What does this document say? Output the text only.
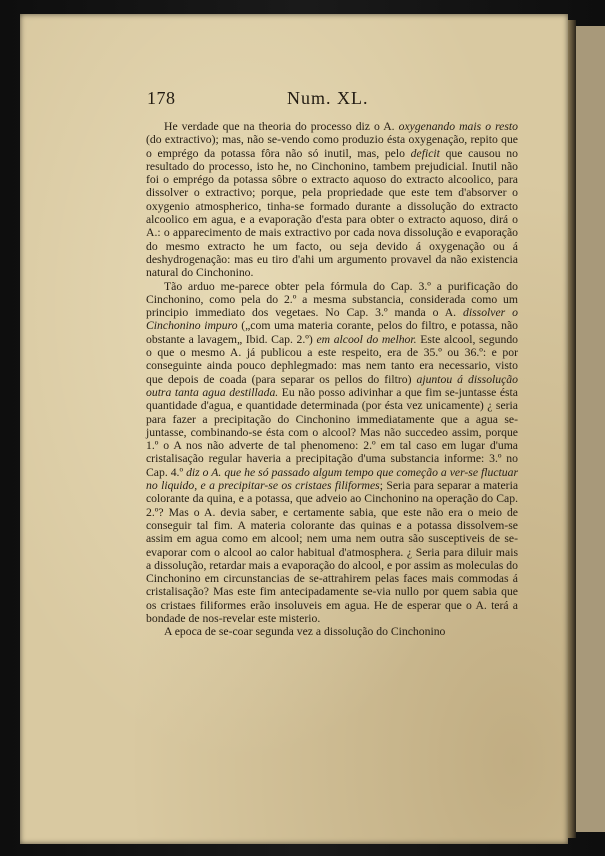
178	Num. XL.

He verdade que na theoria do processo diz o A. oxygenando mais o resto (do extractivo); mas, não se-vendo como produzio ésta oxygenação, repito que o emprégo da potassa fôra não só inutil, mas, pelo deficit que causou no resultado do processo, isto he, no Cinchonino, tambem prejudicial. Inutil não foi o emprégo da potassa sôbre o extracto aquoso do extracto alcoolico, para dissolver o extractivo; porque, pela propriedade que este tem d'absorver o oxygenio atmospherico, tinha-se formado durante a dissolução do extracto alcoolico em agua, e a evaporação d'esta para obter o extracto aquoso, dirá o A.: o apparecimento de mais extractivo por cada nova dissolução e evaporação do mesmo extracto he um facto, ou seja devido á oxygenação ou á deshydrogenação: mas eu tiro d'ahi um argumento provavel da não existencia natural do Cinchonino.

Tão arduo me-parece obter pela fórmula do Cap. 3.º a purificação do Cinchonino, como pela do 2.º a mesma substancia, considerada como um principio immediato dos vegetaes. No Cap. 3.º manda o A. dissolver o Cinchonino impuro („com uma materia corante, pelos do filtro, e potassa, não obstante a lavagem„ Ibid. Cap. 2.º) em alcool do melhor. Este alcool, segundo o que o mesmo A. já publicou a este respeito, era de 35.º ou 36.º: e por conseguinte ainda pouco dephlegmado: mas nem tanto era necessario, visto que depois de coada (para separar os pellos do filtro) ajuntou á dissolução outra tanta agua destillada. Eu não posso adivinhar a que fim se-juntasse ésta quantidade d'agua, e quantidade determinada (por ésta vez unicamente) ¿ seria para fazer a precipitação do Cinchonino immediatamente que a agua se-juntasse, combinando-se ésta com o alcool? Mas não succedeo assim, porque 1.º o A nos não adverte de tal phenomeno: 2.º em tal caso em lugar d'uma cristalisação regular haveria a precipitação d'uma substancia informe: 3.º no Cap. 4.º diz o A. que he só passado algum tempo que começão a ver-se fluctuar no liquido, e a precipitar-se os cristaes filiformes; Seria para separar a materia colorante da quina, e a potassa, que adveio ao Cinchonino na operação do Cap. 2.º? Mas o A. devia saber, e certamente sabia, que este não era o meio de conseguir tal fim. A materia colorante das quinas e a potassa dissolvem-se assim em agua como em alcool; nem uma nem outra são susceptiveis de se-evaporar com o alcool ao calor habitual d'atmosphera. ¿ Seria para diluir mais a dissolução, retardar mais a evaporação do alcool, e por assim as moleculas do Cinchonino em circunstancias de se-attrahirem pelas faces mais commodas á cristalisação? Mas este fim antecipadamente se-via nullo por quem sabia que os cristaes filiformes erão insoluveis em agua. He de esperar que o A. terá a bondade de nos-revelar este misterio.

A epoca de se-coar segunda vez a dissolução do Cinchonino
